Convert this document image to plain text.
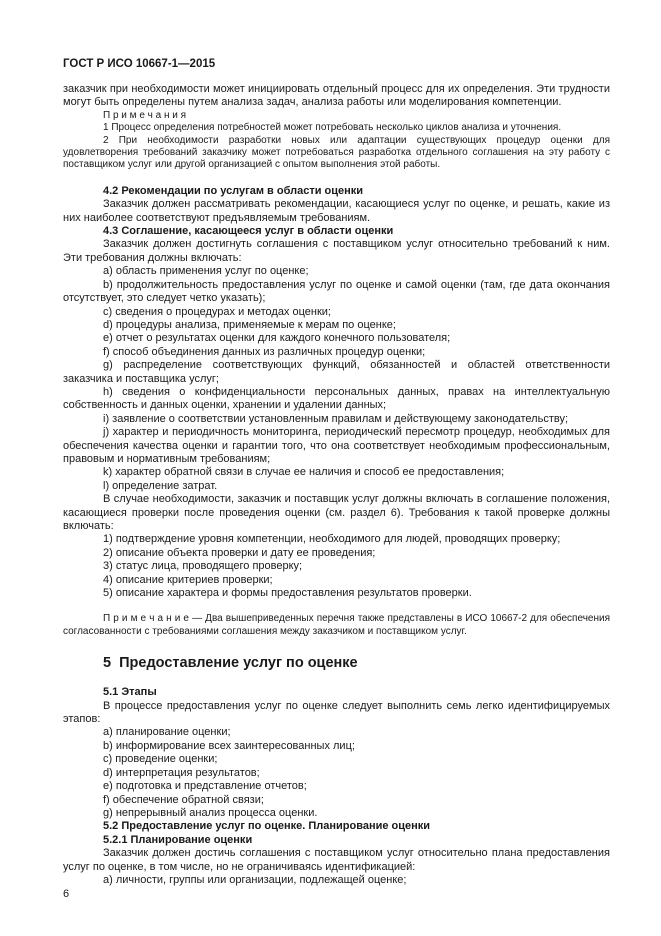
ГОСТ Р ИСО 10667-1—2015
заказчик при необходимости может инициировать отдельный процесс для их определения. Эти трудности могут быть определены путем анализа задач, анализа работы или моделирования компетенции.
П р и м е ч а н и я
1 Процесс определения потребностей может потребовать несколько циклов анализа и уточнения.
2 При необходимости разработки новых или адаптации существующих процедур оценки для удовлетворения требований заказчику может потребоваться разработка отдельного соглашения на эту работу с поставщиком услуг или другой организацией с опытом выполнения этой работы.
4.2 Рекомендации по услугам в области оценки
Заказчик должен рассматривать рекомендации, касающиеся услуг по оценке, и решать, какие из них наиболее соответствуют предъявляемым требованиям.
4.3 Соглашение, касающееся услуг в области оценки
Заказчик должен достигнуть соглашения с поставщиком услуг относительно требований к ним. Эти требования должны включать:
a) область применения услуг по оценке;
b) продолжительность предоставления услуг по оценке и самой оценки (там, где дата окончания отсутствует, это следует четко указать);
c) сведения о процедурах и методах оценки;
d) процедуры анализа, применяемые к мерам по оценке;
e) отчет о результатах оценки для каждого конечного пользователя;
f) способ объединения данных из различных процедур оценки;
g) распределение соответствующих функций, обязанностей и областей ответственности заказчика и поставщика услуг;
h) сведения о конфиденциальности персональных данных, правах на интеллектуальную собственность и данных оценки, хранении и удалении данных;
i) заявление о соответствии установленным правилам и действующему законодательству;
j) характер и периодичность мониторинга, периодический пересмотр процедур, необходимых для обеспечения качества оценки и гарантии того, что она соответствует необходимым профессиональным, правовым и нормативным требованиям;
k) характер обратной связи в случае ее наличия и способ ее предоставления;
l) определение затрат.
В случае необходимости, заказчик и поставщик услуг должны включать в соглашение положения, касающиеся проверки после проведения оценки (см. раздел 6). Требования к такой проверке должны включать:
1) подтверждение уровня компетенции, необходимого для людей, проводящих проверку;
2) описание объекта проверки и дату ее проведения;
3) статус лица, проводящего проверку;
4) описание критериев проверки;
5) описание характера и формы предоставления результатов проверки.
П р и м е ч а н и е — Два вышеприведенных перечня также представлены в ИСО 10667-2 для обеспечения согласованности с требованиями соглашения между заказчиком и поставщиком услуг.
5  Предоставление услуг по оценке
5.1 Этапы
В процессе предоставления услуг по оценке следует выполнить семь легко идентифицируемых этапов:
a) планирование оценки;
b) информирование всех заинтересованных лиц;
c) проведение оценки;
d) интерпретация результатов;
e) подготовка и представление отчетов;
f) обеспечение обратной связи;
g) непрерывный анализ процесса оценки.
5.2 Предоставление услуг по оценке. Планирование оценки
5.2.1 Планирование оценки
Заказчик должен достичь соглашения с поставщиком услуг относительно плана предоставления услуг по оценке, в том числе, но не ограничиваясь идентификацией:
a) личности, группы или организации, подлежащей оценке;
6
